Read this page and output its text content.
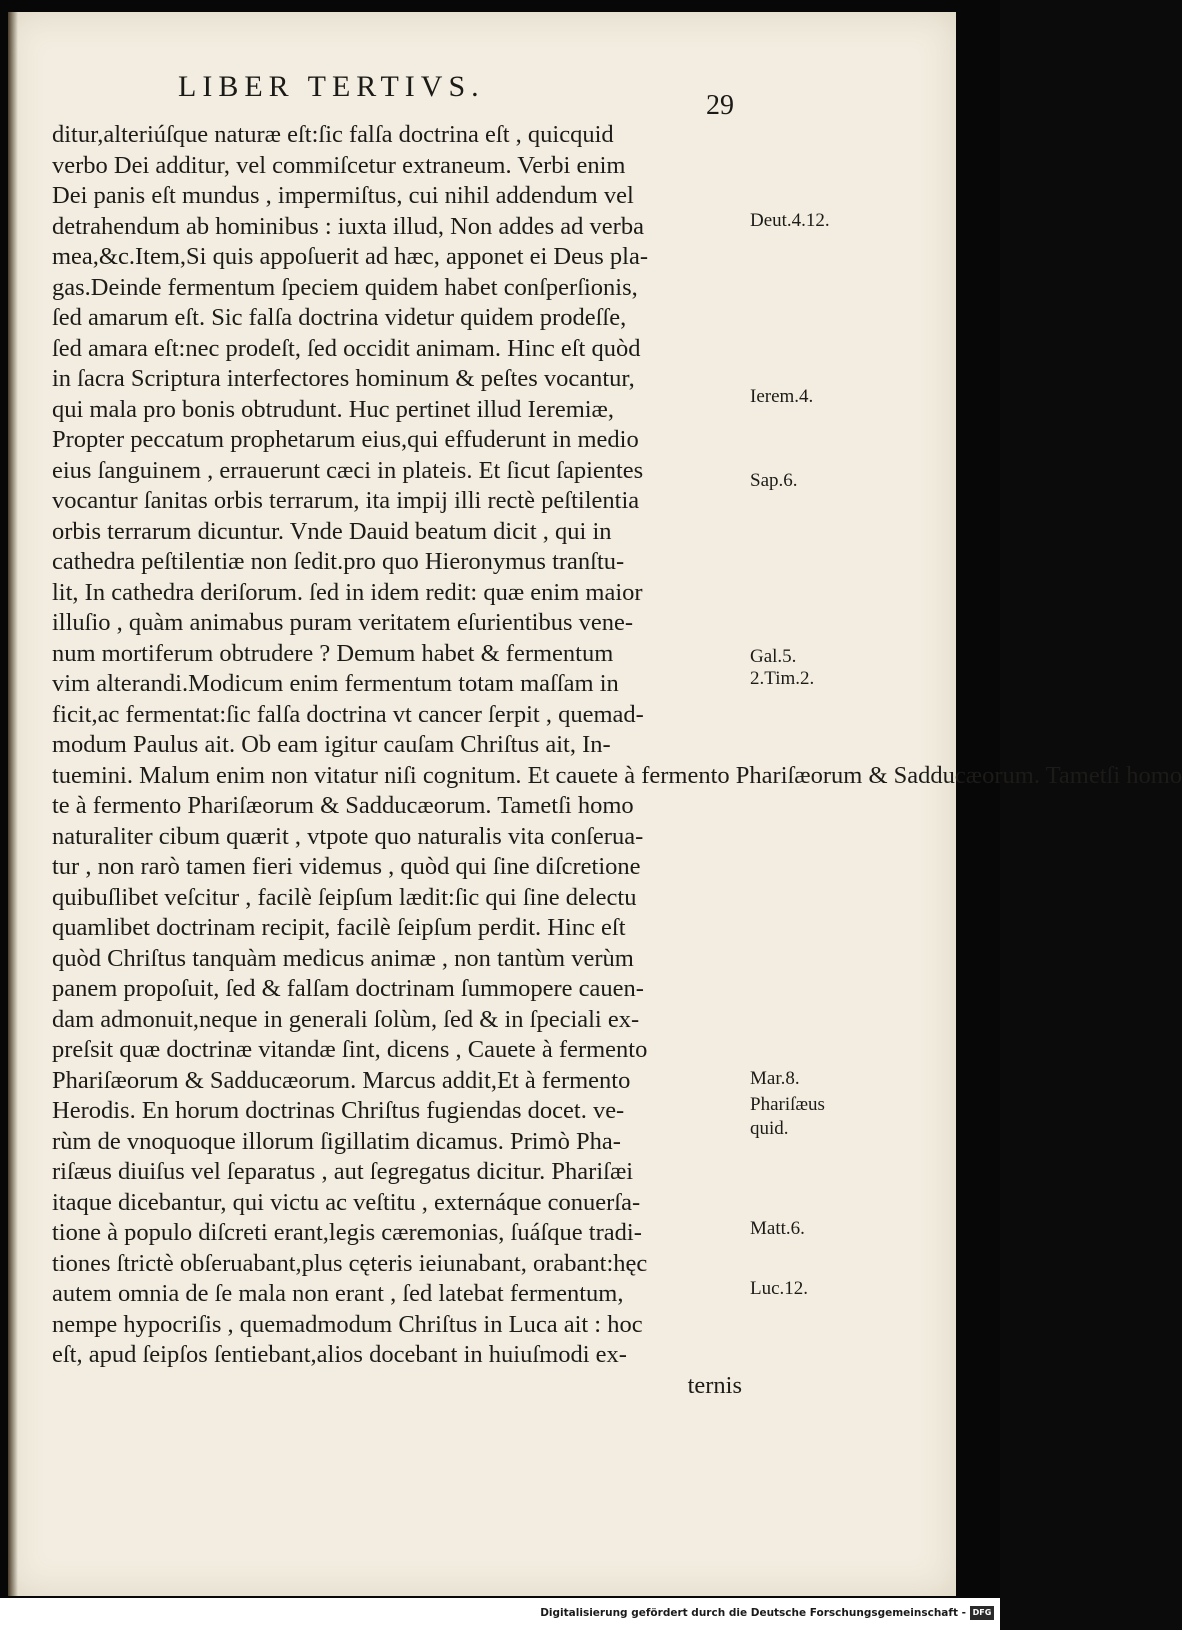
LIBER TERTIVS.
29
ditur,alteriúſque naturæ eſt:ſic falſa doctrina eſt , quicquid
verbo Dei additur, vel commiſcetur extraneum. Verbi enim
Dei panis eſt mundus , impermiſtus, cui nihil addendum vel
detrahendum ab hominibus : iuxta illud, Non addes ad verba
mea,&c.Item,Si quis appoſuerit ad hæc, apponet ei Deus pla-
gas.Deinde fermentum ſpeciem quidem habet conſperſionis,
ſed amarum eſt. Sic falſa doctrina videtur quidem prodeſſe,
ſed amara eſt:nec prodeſt, ſed occidit animam. Hinc eſt quòd
in ſacra Scriptura interfectores hominum & peſtes vocantur,
qui mala pro bonis obtrudunt. Huc pertinet illud Ieremiæ,
Propter peccatum prophetarum eius,qui effuderunt in medio
eius ſanguinem , errauerunt cæci in plateis. Et ſicut ſapientes
vocantur ſanitas orbis terrarum, ita impij illi rectè peſtilentia
orbis terrarum dicuntur. Vnde Dauid beatum dicit , qui in
cathedra peſtilentiæ non ſedit.pro quo Hieronymus tranſtu-
lit, In cathedra deriſorum. ſed in idem redit: quæ enim maior
illuſio , quàm animabus puram veritatem eſurientibus vene-
num mortiferum obtrudere ? Demum habet & fermentum
vim alterandi.Modicum enim fermentum totam maſſam in
ficit,ac fermentat:ſic falſa doctrina vt cancer ſerpit , quemad-
modum Paulus ait. Ob eam igitur cauſam Chriſtus ait, In-
tuemini. Malum enim non vitatur niſi cognitum. Et cauete à fermento Phariſæorum & Sadducæorum. Tametſi homo
te à fermento Phariſæorum & Sadducæorum. Tametſi homo
naturaliter cibum quærit , vtpote quo naturalis vita conſerua-
tur , non rarò tamen fieri videmus , quòd qui ſine diſcretione
quibuſlibet veſcitur , facilè ſeipſum lædit:ſic qui ſine delectu
quamlibet doctrinam recipit, facilè ſeipſum perdit. Hinc eſt
quòd Chriſtus tanquàm medicus animæ , non tantùm verùm
panem propoſuit, ſed & falſam doctrinam ſummopere cauen-
dam admonuit,neque in generali ſolùm, ſed & in ſpeciali ex-
preſsit quæ doctrinæ vitandæ ſint, dicens , Cauete à fermento
Phariſæorum & Sadducæorum. Marcus addit,Et à fermento
Herodis. En horum doctrinas Chriſtus fugiendas docet. ve-
rùm de vnoquoque illorum ſigillatim dicamus. Primò Pha-
riſæus diuiſus vel ſeparatus , aut ſegregatus dicitur. Phariſæi
itaque dicebantur, qui victu ac veſtitu , externáque conuerſa-
tione à populo diſcreti erant,legis cæremonias, ſuáſque tradi-
tiones ſtrictè obſeruabant,plus cęteris ieiunabant, orabant:hęc
autem omnia de ſe mala non erant , ſed latebat fermentum,
nempe hypocriſis , quemadmodum Chriſtus in Luca ait : hoc
eſt, apud ſeipſos ſentiebant,alios docebant in huiuſmodi ex-
ternis
Deut.4.12.
Ierem.4.
Sap.6.
Gal.5.
2.Tim.2.
Mar.8.
Phariſæus
quid.
Matt.6.
Luc.12.
Digitalisierung gefördert durch die Deutsche Forschungsgemeinschaft - DFG
